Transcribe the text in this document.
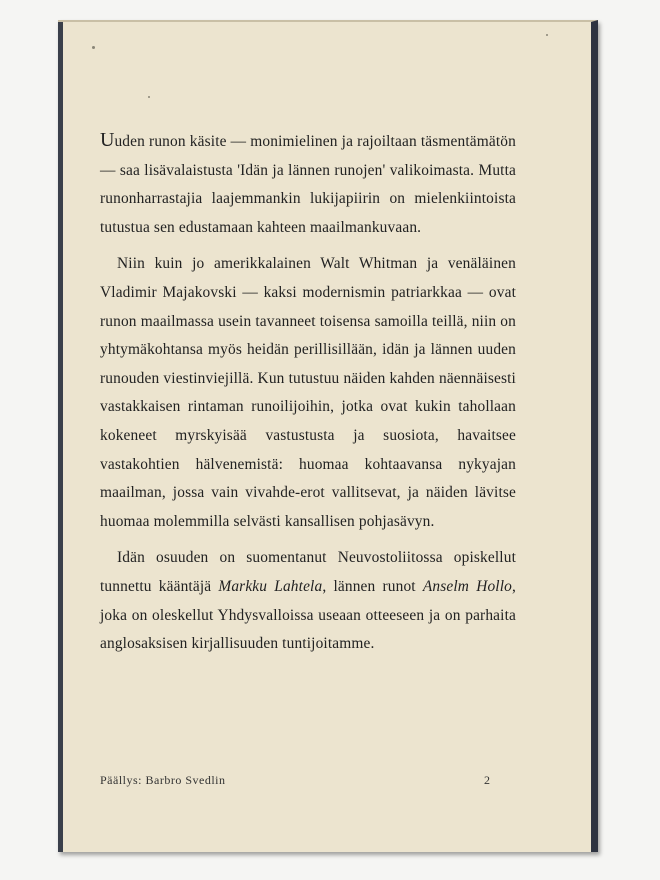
Uuden runon käsite — monimielinen ja rajoiltaan täsmentämätön — saa lisävalaistusta 'Idän ja lännen runojen' valikoimasta. Mutta runonharrastajia laajemmankin lukijapiirin on mielenkiintoista tutustua sen edustamaan kahteen maailmankuvaan.

Niin kuin jo amerikkalainen Walt Whitman ja venäläinen Vladimir Majakovski — kaksi modernismin patriarkkaa — ovat runon maailmassa usein tavanneet toisensa samoilla teillä, niin on yhtymäkohtansa myös heidän perillisillään, idän ja lännen uuden runouden viestinviejillä. Kun tutustuu näiden kahden näennäisesti vastakkaisen rintaman runoilijoihin, jotka ovat kukin tahollaan kokeneet myrskyisää vastustusta ja suosiota, havaitsee vastakohtien hälvenemistä: huomaa kohtaavansa nykyajan maailman, jossa vain vivahde-erot vallitsevat, ja näiden lävitse huomaa molemmilla selvästi kansallisen pohjasävyn.

Idän osuuden on suomentanut Neuvostoliitossa opiskellut tunnettu kääntäjä Markku Lahtela, lännen runot Anselm Hollo, joka on oleskellut Yhdysvalloissa useaan otteeseen ja on parhaita anglosaksisen kirjallisuuden tuntijoitamme.

Päällys: Barbro Svedlin	2
